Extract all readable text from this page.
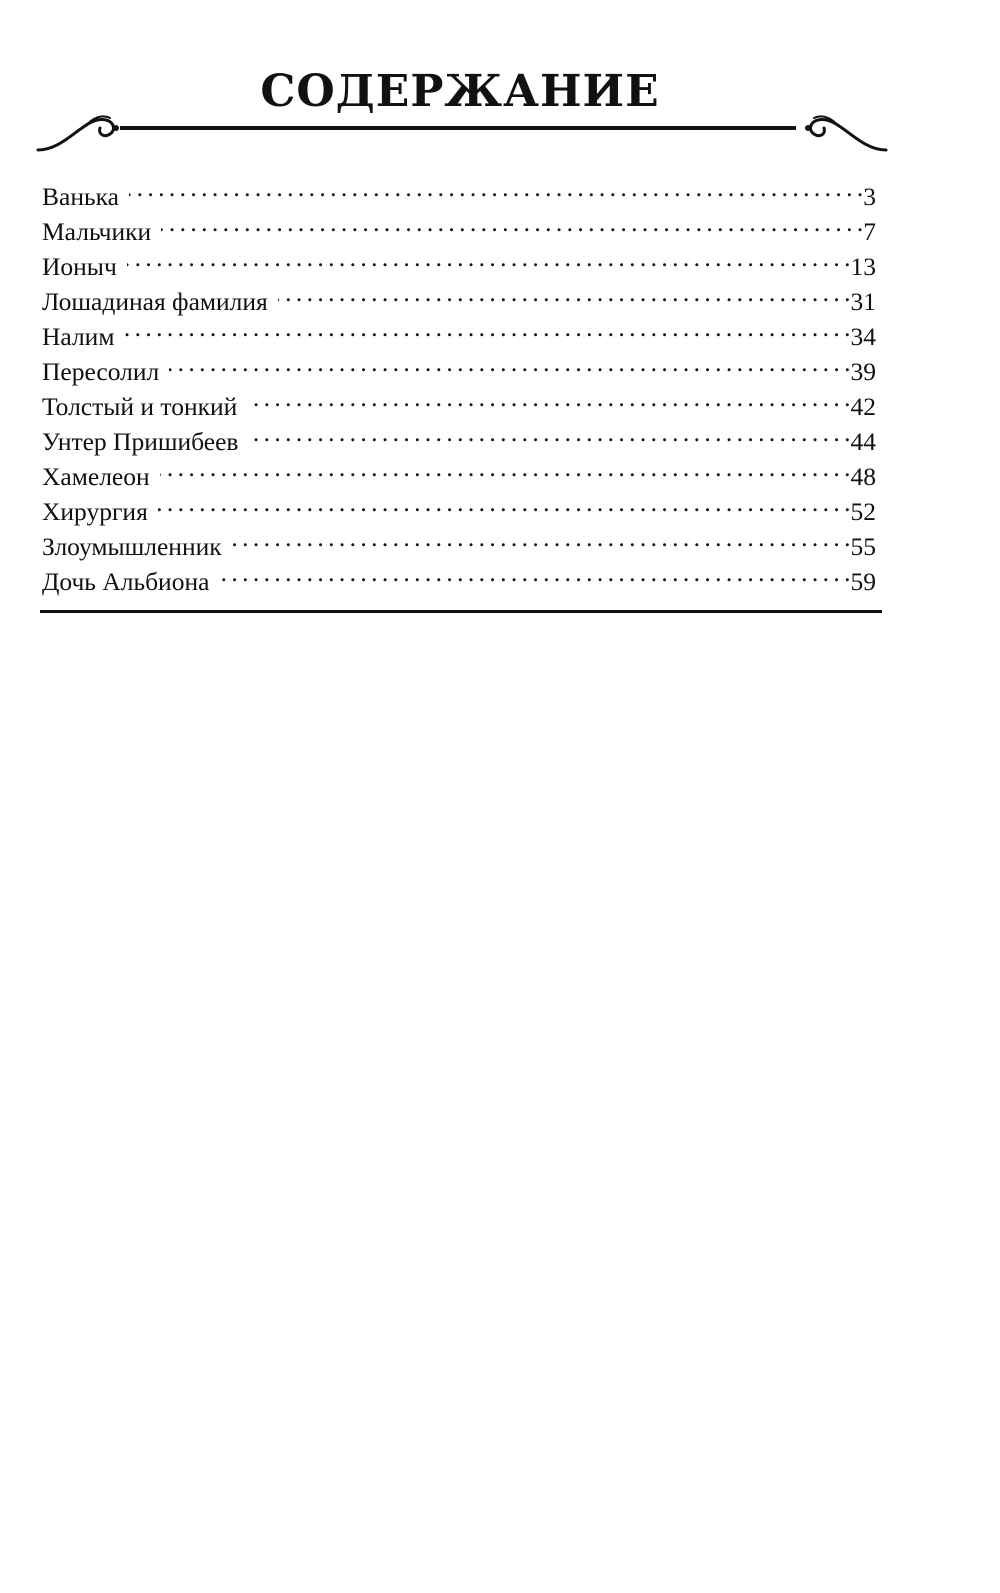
СОДЕРЖАНИЕ
Ванька . . .	3
Мальчики . . .	7
Ионыч . . .	13
Лошадиная фамилия . . .	31
Налим . . .	34
Пересолил . . .	39
Толстый и тонкий . . .	42
Унтер Пришибеев . . .	44
Хамелеон . . .	48
Хирургия . . .	52
Злоумышленник . . .	55
Дочь Альбиона . . .	59
